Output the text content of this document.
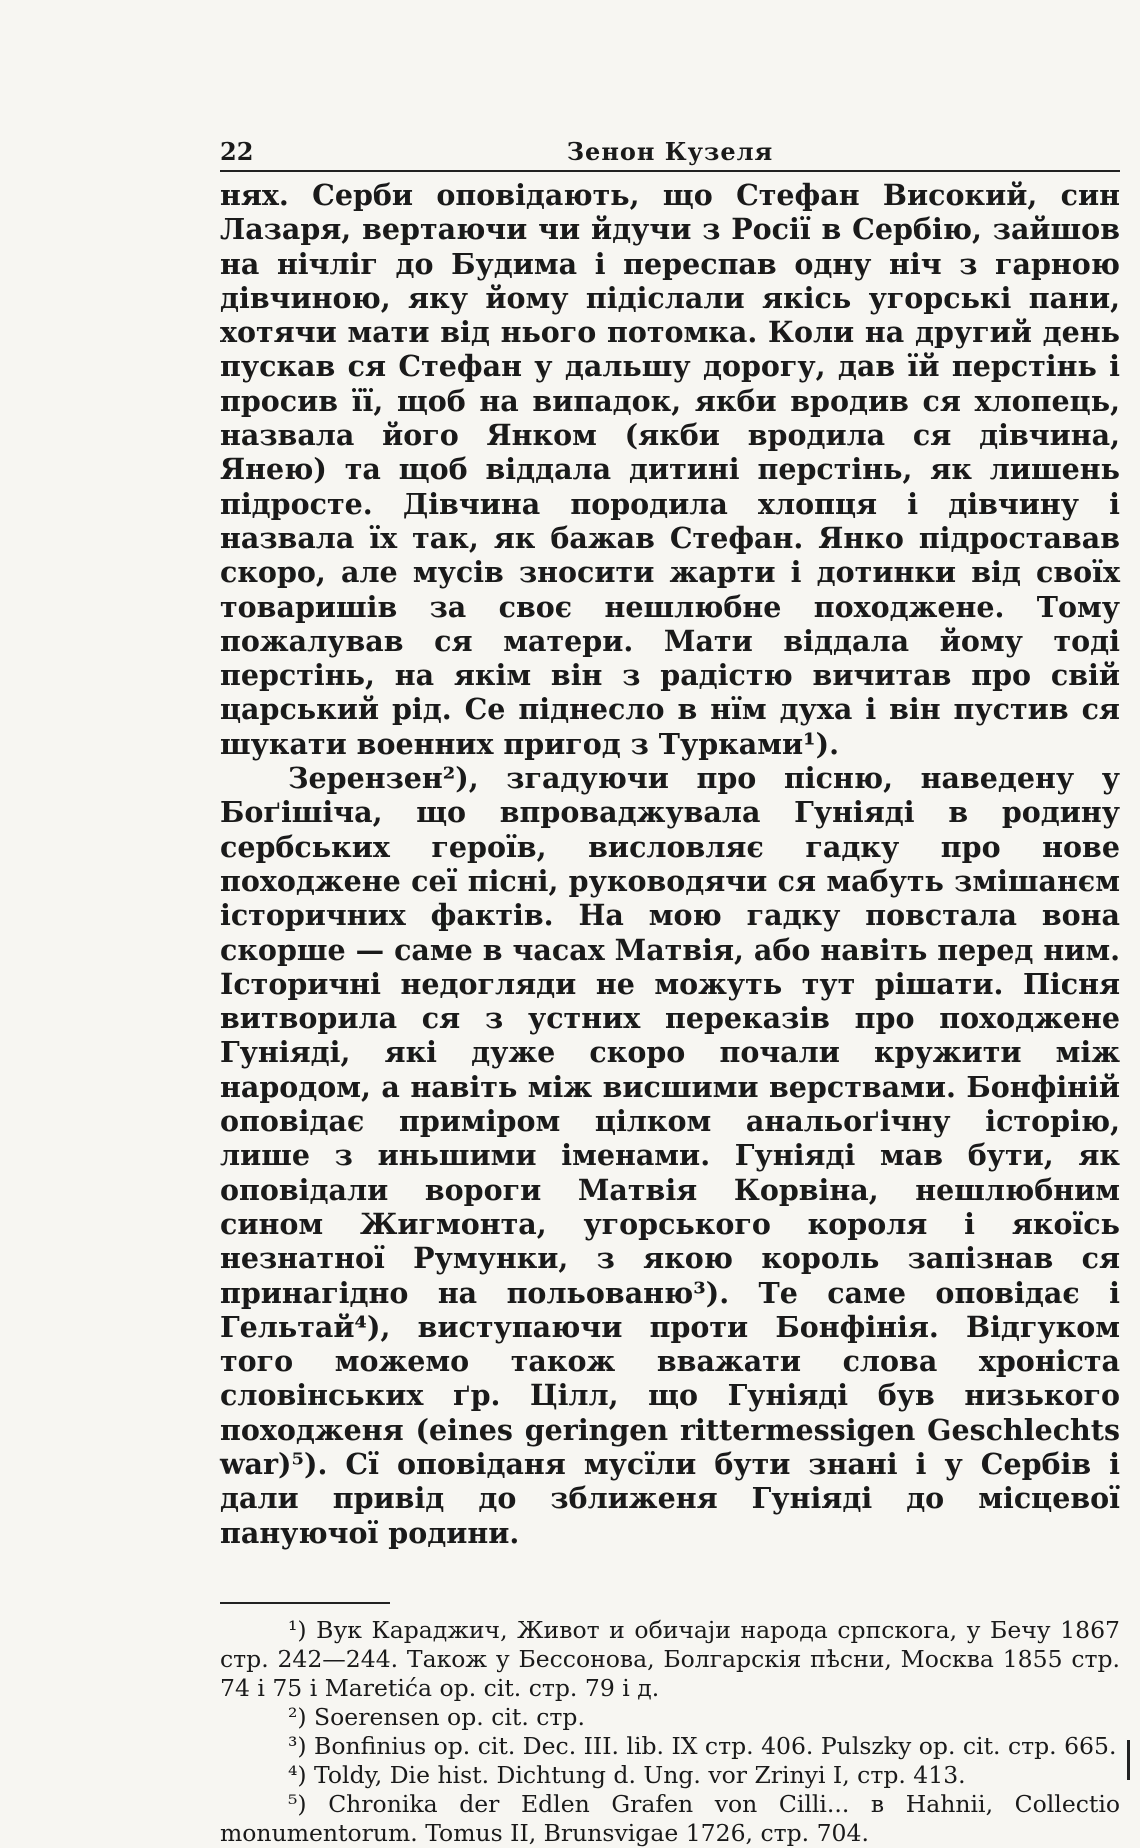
22	Зенон Кузеля

нях. Серби оповідають, що Стефан Високий, син Лазаря, вертаючи чи йдучи з Росії в Сербію, зайшов на нічліг до Будима і переспав одну ніч з гарною дівчиною, яку йому підіслали якісь угорські пани, хотячи мати від нього потомка. Коли на другий день пускав ся Стефан у дальшу дорогу, дав їй перстінь і просив її, щоб на випадок, якби вродив ся хлопець, назвала його Янком (якби вродила ся дівчина, Янею) та щоб віддала дитині перстінь, як лишень підросте. Дівчина породила хлопця і дівчину і назвала їх так, як бажав Стефан. Янко підроставав скоро, але мусів зносити жарти і дотинки від своїх товаришів за своє нешлюбне походжене. Тому пожалував ся матери. Мати віддала йому тоді перстінь, на якім він з радістю вичитав про свій царський рід. Се піднесло в нїм духа і він пустив ся шукати военних пригод з Турками¹).

Зерензен²), згадуючи про пісню, наведену у Боґішіча, що впроваджувала Гуніяді в родину сербських героїв, висловляє гадку про нове походжене сеї пісні, руководячи ся мабуть змішанєм історичних фактів. На мою гадку повстала вона скорше — саме в часах Матвія, або навіть перед ним. Історичні недогляди не можуть тут рішати. Пісня витворила ся з устних переказів про походжене Гуніяді, які дуже скоро почали кружити між народом, а навіть між висшими верствами. Бонфіній оповідає приміром цілком анальоґічну історію, лише з иньшими іменами. Гуніяді мав бути, як оповідали вороги Матвія Корвіна, нешлюбним сином Жигмонта, угорського короля і якоїсь незнатної Румунки, з якою король запізнав ся принагідно на польованю³). Те саме оповідає і Гельтай⁴), виступаючи проти Бонфінія. Відгуком того можемо також вважати слова хроніста словінських ґр. Цілл, що Гуніяді був низького походженя (eines geringen rittermessigen Geschlechts war)⁵). Сї оповіданя мусїли бути знані і у Сербів і дали привід до зближеня Гуніяді до місцевої пануючої родини.

¹) Вук Караджич, Живот и обичаjи народа српскога, у Бечу 1867 стр. 242—244. Також у Бессонова, Болгарскія пѣсни, Москва 1855 стр. 74 і 75 і Maretića op. cit. стр. 79 і д.

²) Soerensen op. cit. стр.

³) Bonfinius op. cit. Dec. III. lib. IX стр. 406. Pulszky op. cit. стр. 665.

⁴) Toldy, Die hist. Dichtung d. Ung. vor Zrinyi I, стр. 413.

⁵) Chronika der Edlen Grafen von Cilli... в Hahnii, Collectio monumentorum. Tomus II, Brunsvigae 1726, стр. 704.
